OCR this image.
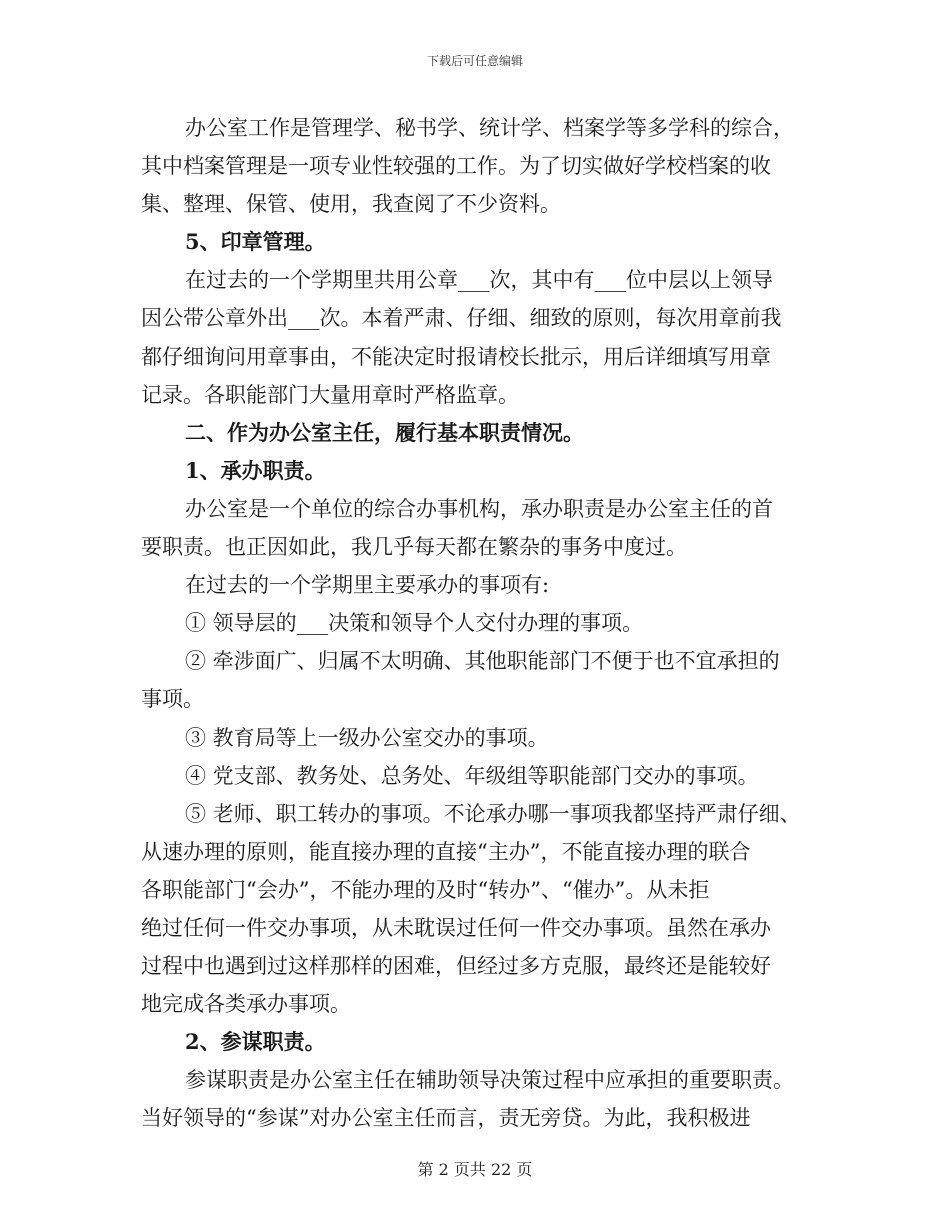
下载后可任意编辑
办公室工作是管理学、秘书学、统计学、档案学等多学科的综合，
其中档案管理是一项专业性较强的工作。为了切实做好学校档案的收
集、整理、保管、使用，我查阅了不少资料。
5、印章管理。
在过去的一个学期里共用公章___次，其中有___位中层以上领导
因公带公章外出___次。本着严肃、仔细、细致的原则，每次用章前我
都仔细询问用章事由，不能决定时报请校长批示，用后详细填写用章
记录。各职能部门大量用章时严格监章。
二、作为办公室主任，履行基本职责情况。
1、承办职责。
办公室是一个单位的综合办事机构，承办职责是办公室主任的首
要职责。也正因如此，我几乎每天都在繁杂的事务中度过。
在过去的一个学期里主要承办的事项有:
① 领导层的___决策和领导个人交付办理的事项。
② 牵涉面广、归属不太明确、其他职能部门不便于也不宜承担的
事项。
③ 教育局等上一级办公室交办的事项。
④ 党支部、教务处、总务处、年级组等职能部门交办的事项。
⑤ 老师、职工转办的事项。不论承办哪一事项我都坚持严肃仔细、
从速办理的原则，能直接办理的直接“主办”，不能直接办理的联合
各职能部门“会办”，不能办理的及时“转办”、“催办”。从未拒
绝过任何一件交办事项，从未耽误过任何一件交办事项。虽然在承办
过程中也遇到过这样那样的困难，但经过多方克服，最终还是能较好
地完成各类承办事项。
2、参谋职责。
参谋职责是办公室主任在辅助领导决策过程中应承担的重要职责。
当好领导的“参谋”对办公室主任而言，责无旁贷。为此，我积极进
第 2 页共 22 页
